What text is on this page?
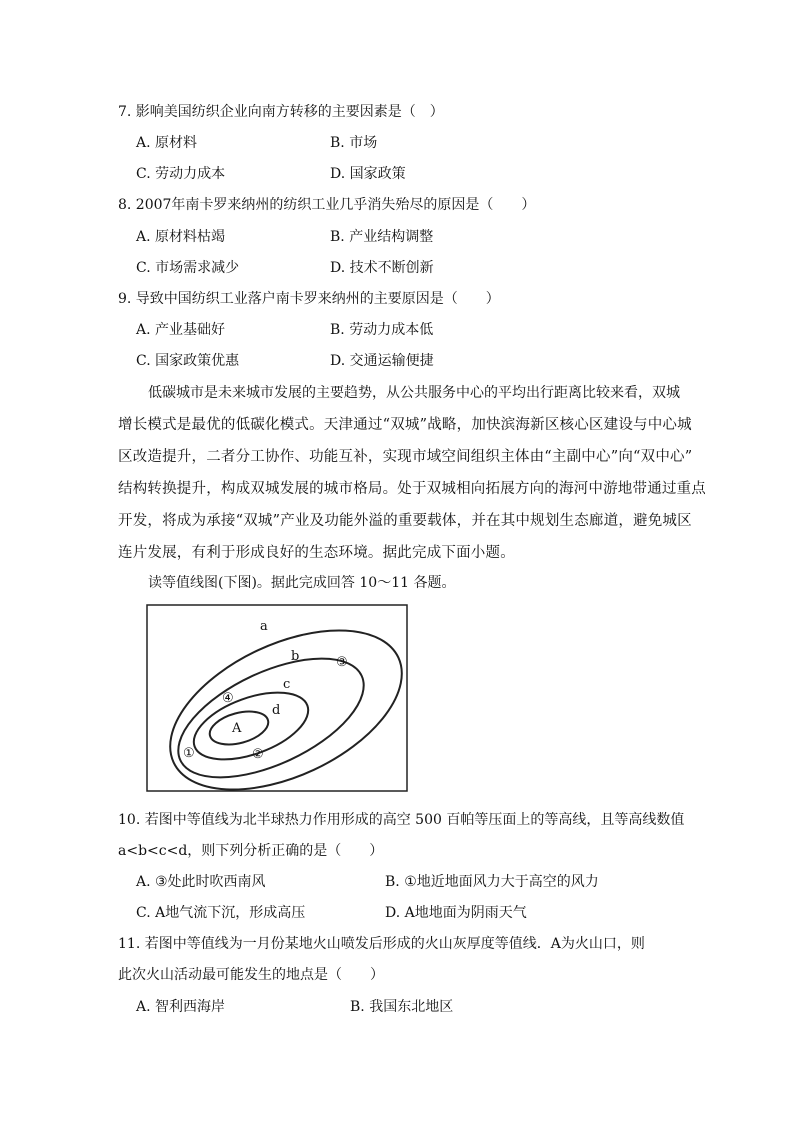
7. 影响美国纺织企业向南方转移的主要因素是（　）
A. 原材料	B. 市场
C. 劳动力成本	D. 国家政策
8. 2007年南卡罗来纳州的纺织工业几乎消失殆尽的原因是（　　）
A. 原材料枯竭	B. 产业结构调整
C. 市场需求减少	D. 技术不断创新
9. 导致中国纺织工业落户南卡罗来纳州的主要原因是（　　）
A. 产业基础好	B. 劳动力成本低
C. 国家政策优惠	D. 交通运输便捷
低碳城市是未来城市发展的主要趋势，从公共服务中心的平均出行距离比较来看，双城
增长模式是最优的低碳化模式。天津通过“双城”战略，加快滨海新区核心区建设与中心城
区改造提升，二者分工协作、功能互补，实现市域空间组织主体由“主副中心”向“双中心”
结构转换提升，构成双城发展的城市格局。处于双城相向拓展方向的海河中游地带通过重点
开发，将成为承接“双城”产业及功能外溢的重要载体，并在其中规划生态廊道，避免城区
连片发展，有利于形成良好的生态环境。据此完成下面小题。
读等值线图(下图)。据此完成回答 10～11 各题。
a
b
c
d
A
③
④
②
①
10. 若图中等值线为北半球热力作用形成的高空 500 百帕等压面上的等高线，且等高线数值
a<b<c<d，则下列分析正确的是（　　）
A. ③处此时吹西南风	B. ①地近地面风力大于高空的风力
C. A地气流下沉，形成高压	D. A地地面为阴雨天气
11. 若图中等值线为一月份某地火山喷发后形成的火山灰厚度等值线．A为火山口，则
此次火山活动最可能发生的地点是（　　）
A. 智利西海岸	B. 我国东北地区
